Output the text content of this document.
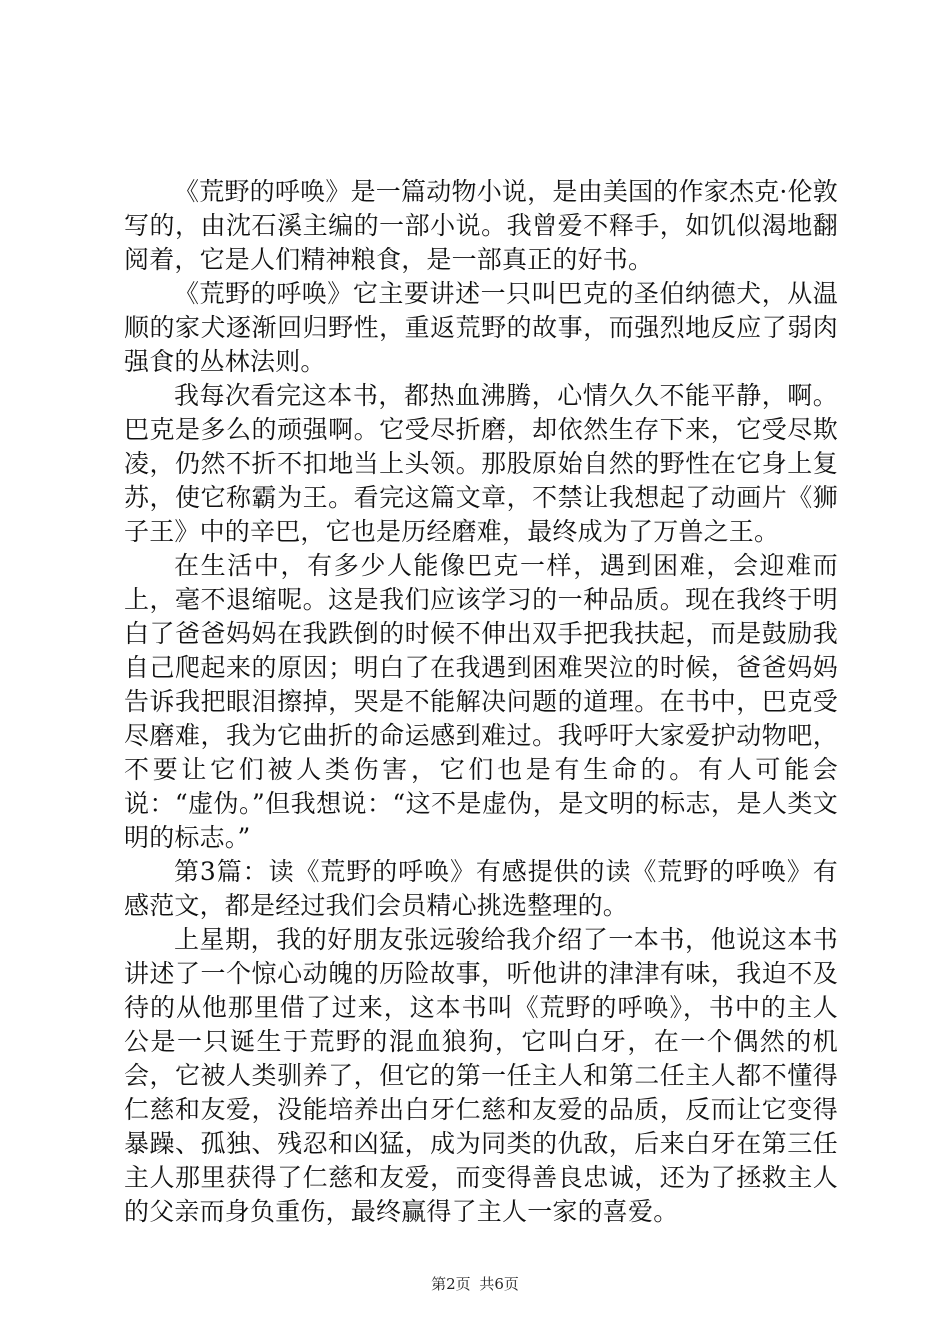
《荒野的呼唤》是一篇动物小说，是由美国的作家杰克·伦敦写的，由沈石溪主编的一部小说。我曾爱不释手，如饥似渴地翻阅着，它是人们精神粮食，是一部真正的好书。

《荒野的呼唤》它主要讲述一只叫巴克的圣伯纳德犬，从温顺的家犬逐渐回归野性，重返荒野的故事，而强烈地反应了弱肉强食的丛林法则。

我每次看完这本书，都热血沸腾，心情久久不能平静，啊。巴克是多么的顽强啊。它受尽折磨，却依然生存下来，它受尽欺凌，仍然不折不扣地当上头领。那股原始自然的野性在它身上复苏，使它称霸为王。看完这篇文章，不禁让我想起了动画片《狮子王》中的辛巴，它也是历经磨难，最终成为了万兽之王。

在生活中，有多少人能像巴克一样，遇到困难，会迎难而上，毫不退缩呢。这是我们应该学习的一种品质。现在我终于明白了爸爸妈妈在我跌倒的时候不伸出双手把我扶起，而是鼓励我自己爬起来的原因；明白了在我遇到困难哭泣的时候，爸爸妈妈告诉我把眼泪擦掉，哭是不能解决问题的道理。在书中，巴克受尽磨难，我为它曲折的命运感到难过。我呼吁大家爱护动物吧，不要让它们被人类伤害，它们也是有生命的。有人可能会说：“虚伪。”但我想说：“这不是虚伪，是文明的标志，是人类文明的标志。”

第3篇：读《荒野的呼唤》有感提供的读《荒野的呼唤》有感范文，都是经过我们会员精心挑选整理的。

上星期，我的好朋友张远骏给我介绍了一本书，他说这本书讲述了一个惊心动魄的历险故事，听他讲的津津有味，我迫不及待的从他那里借了过来，这本书叫《荒野的呼唤》，书中的主人公是一只诞生于荒野的混血狼狗，它叫白牙，在一个偶然的机会，它被人类驯养了，但它的第一任主人和第二任主人都不懂得仁慈和友爱，没能培养出白牙仁慈和友爱的品质，反而让它变得暴躁、孤独、残忍和凶猛，成为同类的仇敌，后来白牙在第三任主人那里获得了仁慈和友爱，而变得善良忠诚，还为了拯救主人的父亲而身负重伤，最终赢得了主人一家的喜爱。

第2页 共6页
